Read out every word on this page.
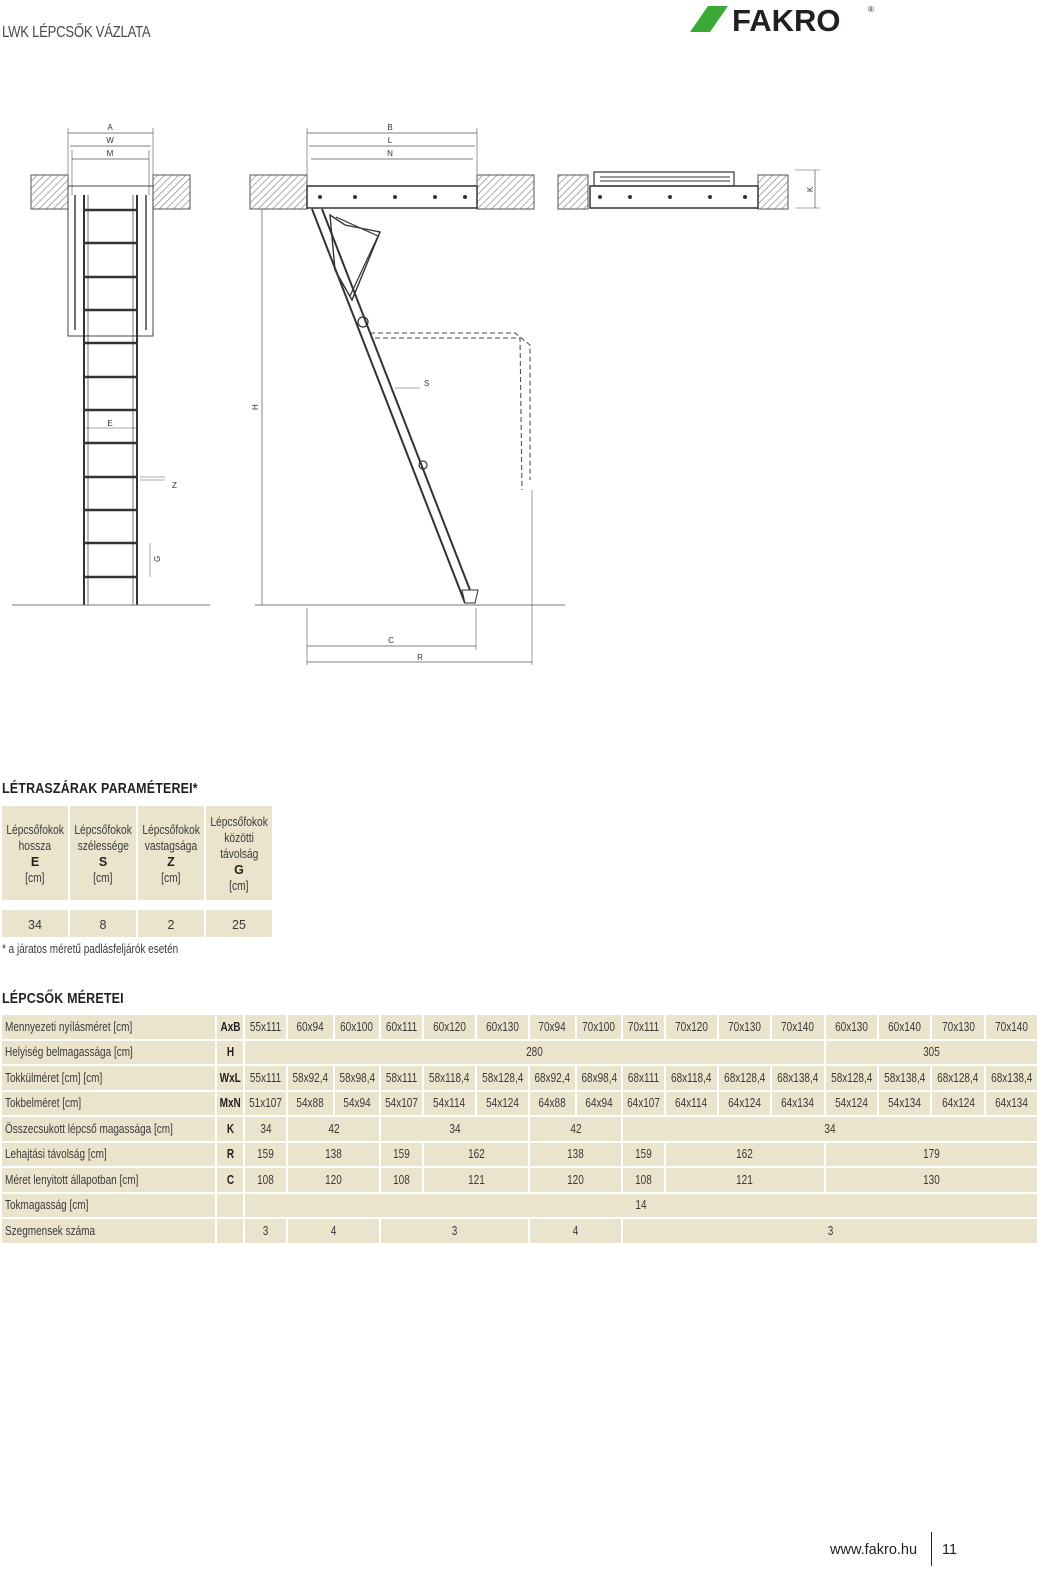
LWK LÉPCSŐK VÁZLATA	FAKRO	®
A
W
M
E
Z
G
B
L
N
H
S
C
R
K
LÉTRASZÁRAK PARAMÉTEREI*
Lépcsőfokok
hossza
E
[cm]
Lépcsőfokok
szélessége
S
[cm]
Lépcsőfokok
vastagsága
Z
[cm]
Lépcsőfokok
közötti
távolság
G
[cm]
34	8	2	25
* a járatos méretű padlásfeljárók esetén
LÉPCSŐK MÉRETEI
Mennyezeti nyílásméret [cm]	AxB	55x111	60x94	60x100	60x111	60x120	60x130	70x94	70x100	70x111	70x120	70x130	70x140	60x130	60x140	70x130	70x140
Helyiség belmagassága [cm]	H	280												305			
Tokkülméret [cm] [cm]	WxL	55x111	58x92,4	58x98,4	58x111	58x118,4	58x128,4	68x92,4	68x98,4	68x111	68x118,4	68x128,4	68x138,4	58x128,4	58x138,4	68x128,4	68x138,4
Tokbelméret [cm]	MxN	51x107	54x88	54x94	54x107	54x114	54x124	64x88	64x94	64x107	64x114	64x124	64x134	54x124	54x134	64x124	64x134
Összecsukott lépcső magassága [cm]	K	34	42		34			42		34							
Lehajtási távolság [cm]	R	159	138		159	162		138		159	162			179			
Méret lenyitott állapotban [cm]	C	108	120		108	121		120		108	121			130			
Tokmagasság [cm]		14															
Szegmensek száma		3	4		3			4		3							
www.fakro.hu 11
